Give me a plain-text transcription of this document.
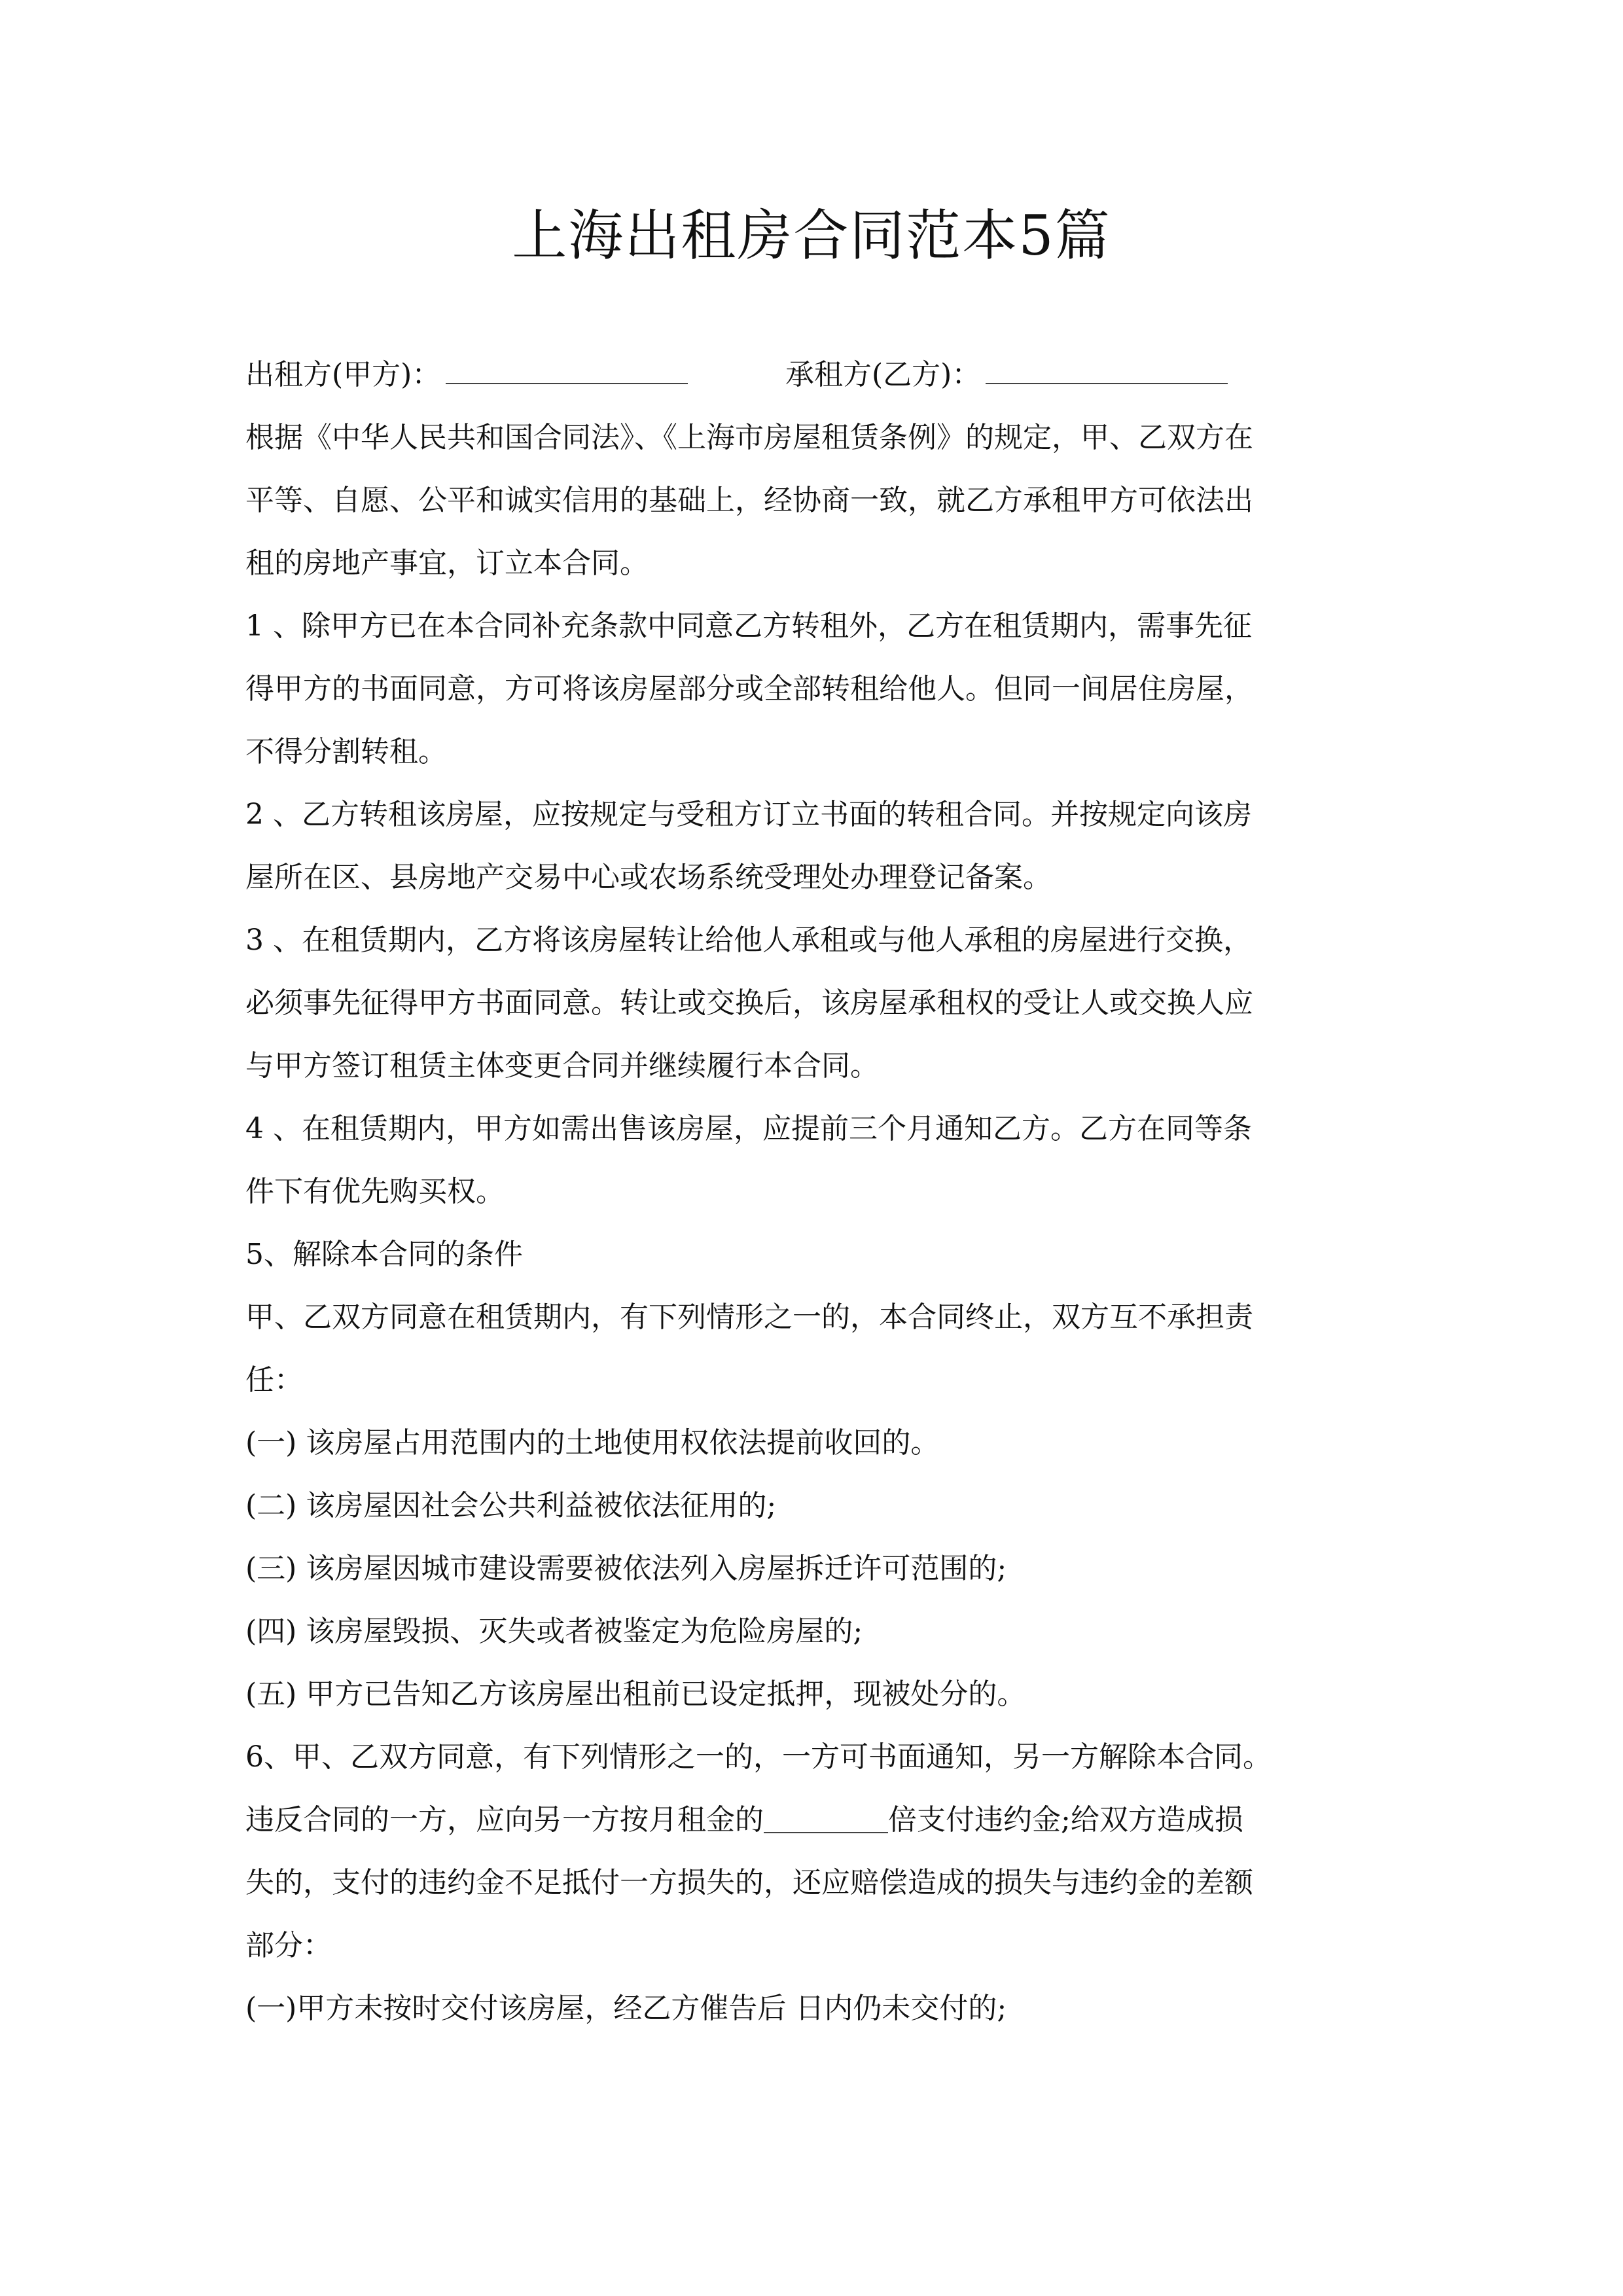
上海出租房合同范本5篇
出租方(甲方)：	承租方(乙方)：

根据《中华人民共和国合同法》、《上海市房屋租赁条例》的规定，甲、乙双方在

平等、自愿、公平和诚实信用的基础上，经协商一致，就乙方承租甲方可依法出

租的房地产事宜，订立本合同。

1 、除甲方已在本合同补充条款中同意乙方转租外，乙方在租赁期内，需事先征

得甲方的书面同意，方可将该房屋部分或全部转租给他人。但同一间居住房屋，

不得分割转租。

2 、乙方转租该房屋，应按规定与受租方订立书面的转租合同。并按规定向该房

屋所在区、县房地产交易中心或农场系统受理处办理登记备案。

3 、在租赁期内，乙方将该房屋转让给他人承租或与他人承租的房屋进行交换，

必须事先征得甲方书面同意。转让或交换后，该房屋承租权的受让人或交换人应

与甲方签订租赁主体变更合同并继续履行本合同。

4 、在租赁期内，甲方如需出售该房屋，应提前三个月通知乙方。乙方在同等条

件下有优先购买权。

5、解除本合同的条件

甲、乙双方同意在租赁期内，有下列情形之一的，本合同终止，双方互不承担责

任：

(一) 该房屋占用范围内的土地使用权依法提前收回的。

(二) 该房屋因社会公共利益被依法征用的;

(三) 该房屋因城市建设需要被依法列入房屋拆迁许可范围的;

(四) 该房屋毁损、灭失或者被鉴定为危险房屋的;

(五) 甲方已告知乙方该房屋出租前已设定抵押，现被处分的。

6、甲、乙双方同意，有下列情形之一的，一方可书面通知，另一方解除本合同。

违反合同的一方，应向另一方按月租金的	倍支付违约金;给双方造成损

失的，支付的违约金不足抵付一方损失的，还应赔偿造成的损失与违约金的差额

部分：

(一)甲方未按时交付该房屋，经乙方催告后 日内仍未交付的;
